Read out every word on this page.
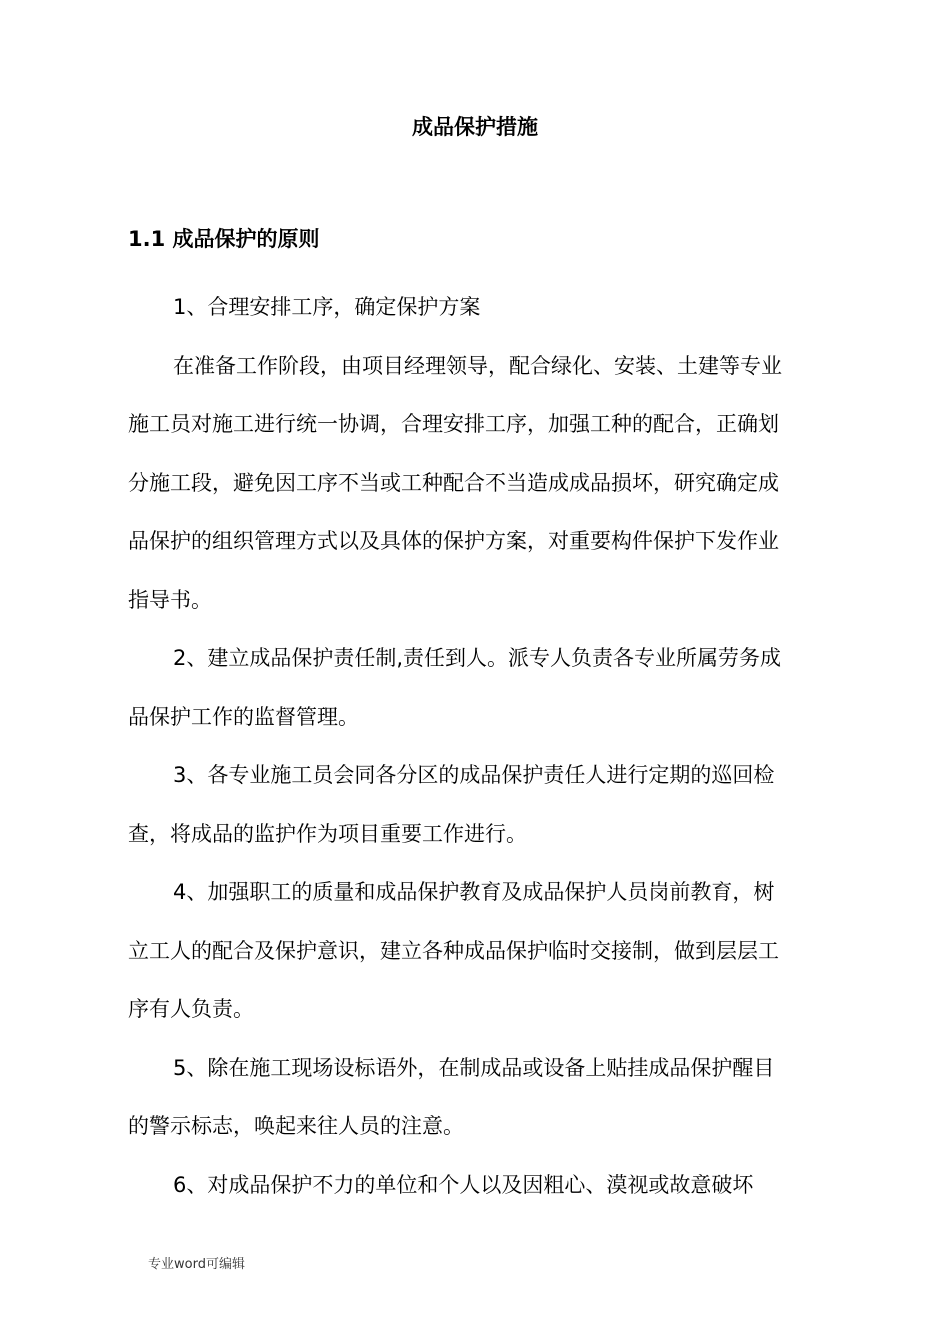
成品保护措施
1.1 成品保护的原则
1、合理安排工序，确定保护方案
在准备工作阶段，由项目经理领导，配合绿化、安装、土建等专业
施工员对施工进行统一协调，合理安排工序，加强工种的配合，正确划
分施工段，避免因工序不当或工种配合不当造成成品损坏，研究确定成
品保护的组织管理方式以及具体的保护方案，对重要构件保护下发作业
指导书。
2、建立成品保护责任制,责任到人。派专人负责各专业所属劳务成
品保护工作的监督管理。
3、各专业施工员会同各分区的成品保护责任人进行定期的巡回检
查，将成品的监护作为项目重要工作进行。
4、加强职工的质量和成品保护教育及成品保护人员岗前教育，树
立工人的配合及保护意识，建立各种成品保护临时交接制，做到层层工
序有人负责。
5、除在施工现场设标语外，在制成品或设备上贴挂成品保护醒目
的警示标志，唤起来往人员的注意。
6、对成品保护不力的单位和个人以及因粗心、漠视或故意破坏
专业word可编辑
